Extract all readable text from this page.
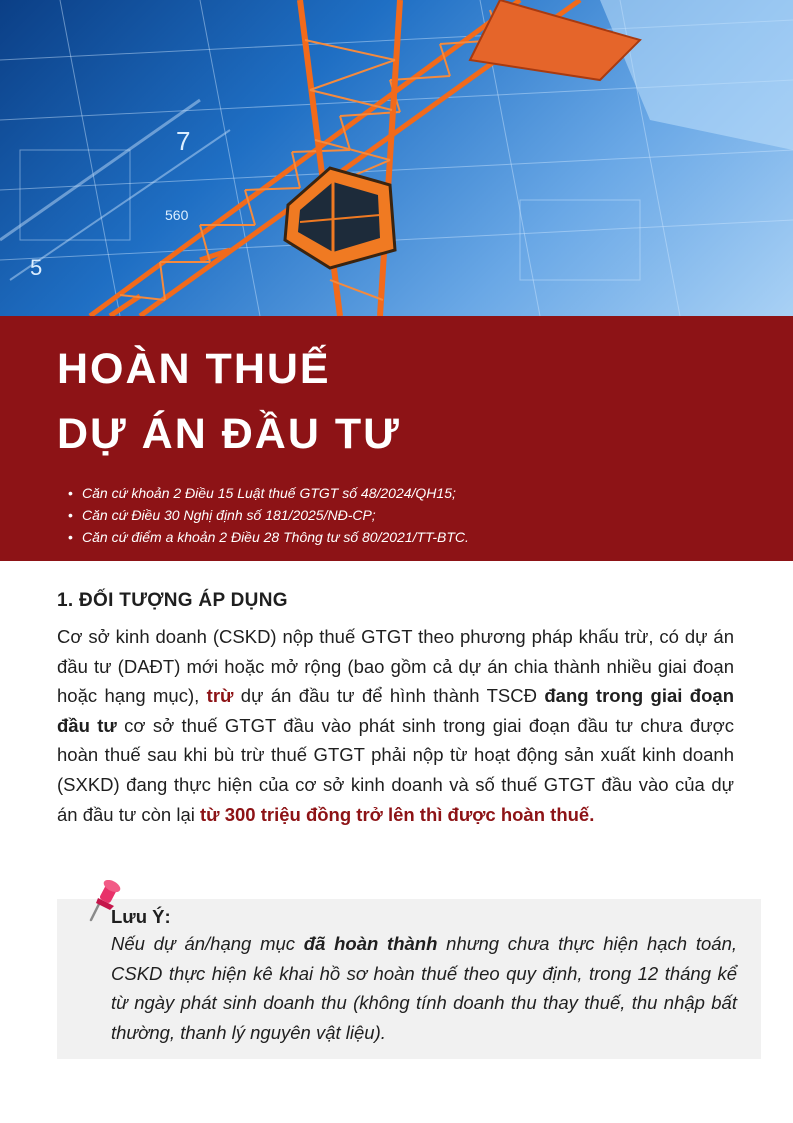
7
560
5
HOÀN THUẾ
DỰ ÁN ĐẦU TƯ
• Căn cứ khoản 2 Điều 15 Luật thuế GTGT số 48/2024/QH15;
• Căn cứ Điều 30 Nghị định số 181/2025/NĐ-CP;
• Căn cứ điểm a khoản 2 Điều 28 Thông tư số 80/2021/TT-BTC.
1. ĐỐI TƯỢNG ÁP DỤNG
Cơ sở kinh doanh (CSKD) nộp thuế GTGT theo phương pháp khấu trừ, có dự án đầu tư (DAĐT) mới hoặc mở rộng (bao gồm cả dự án chia thành nhiều giai đoạn hoặc hạng mục), trừ dự án đầu tư để hình thành TSCĐ đang trong giai đoạn đầu tư cơ sở thuế GTGT đầu vào phát sinh trong giai đoạn đầu tư chưa được hoàn thuế sau khi bù trừ thuế GTGT phải nộp từ hoạt động sản xuất kinh doanh (SXKD) đang thực hiện của cơ sở kinh doanh và số thuế GTGT đầu vào của dự án đầu tư còn lại từ 300 triệu đồng trở lên thì được hoàn thuế.
Lưu Ý:
Nếu dự án/hạng mục đã hoàn thành nhưng chưa thực hiện hạch toán, CSKD thực hiện kê khai hồ sơ hoàn thuế theo quy định, trong 12 tháng kể từ ngày phát sinh doanh thu (không tính doanh thu thay thuế, thu nhập bất thường, thanh lý nguyên vật liệu).
